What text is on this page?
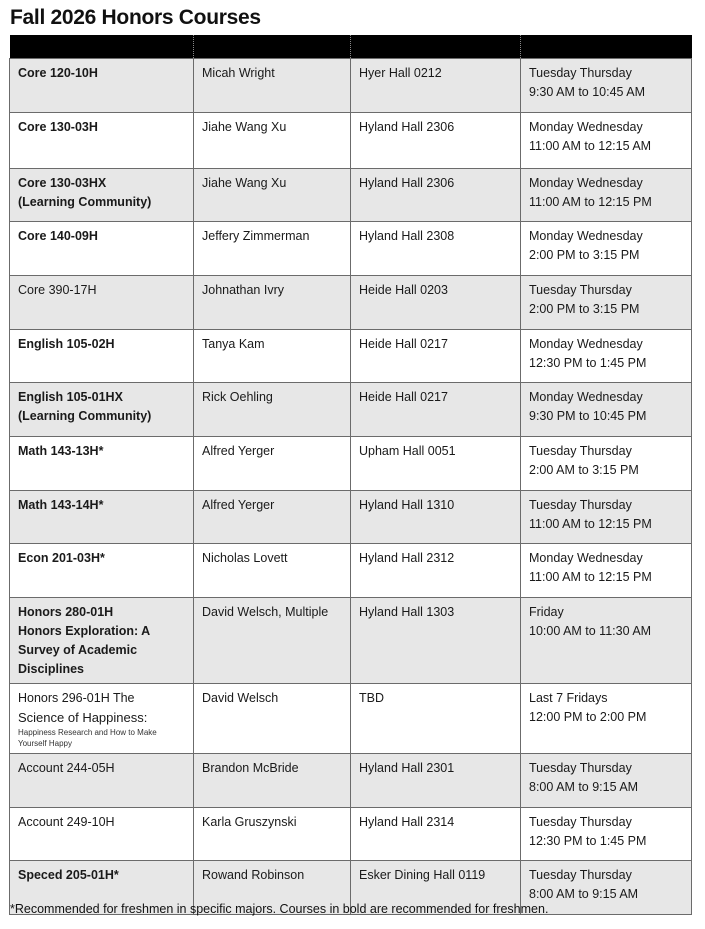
Fall 2026 Honors Courses

Core 120-10H	Micah Wright	Hyer Hall 0212	Tuesday Thursday
9:30 AM to 10:45 AM
Core 130-03H	Jiahe Wang Xu	Hyland Hall 2306	Monday Wednesday
11:00 AM to 12:15 AM
Core 130-03HX
(Learning Community)	Jiahe Wang Xu	Hyland Hall 2306	Monday Wednesday
11:00 AM to 12:15 PM
Core 140-09H	Jeffery Zimmerman	Hyland Hall 2308	Monday Wednesday
2:00 PM to 3:15 PM
Core 390-17H	Johnathan Ivry	Heide Hall 0203	Tuesday Thursday
2:00 PM to 3:15 PM
English 105-02H	Tanya Kam	Heide Hall 0217	Monday Wednesday
12:30 PM to 1:45 PM
English 105-01HX
(Learning Community)	Rick Oehling	Heide Hall 0217	Monday Wednesday
9:30 PM to 10:45 PM
Math 143-13H*	Alfred Yerger	Upham Hall 0051	Tuesday Thursday
2:00 AM to 3:15 PM
Math 143-14H*	Alfred Yerger	Hyland Hall 1310	Tuesday Thursday
11:00 AM to 12:15 PM
Econ 201-03H*	Nicholas Lovett	Hyland Hall 2312	Monday Wednesday
11:00 AM to 12:15 PM
Honors 280-01H
Honors Exploration: A Survey of Academic Disciplines	David Welsch, Multiple	Hyland Hall 1303	Friday
10:00 AM to 11:30 AM
Honors 296-01H The
Science of Happiness:
Happiness Research and How to Make Yourself Happy	David Welsch	TBD	Last 7 Fridays
12:00 PM to 2:00 PM
Account 244-05H	Brandon McBride	Hyland Hall 2301	Tuesday Thursday
8:00 AM to 9:15 AM
Account 249-10H	Karla Gruszynski	Hyland Hall 2314	Tuesday Thursday
12:30 PM to 1:45 PM
Speced 205-01H*	Rowand Robinson	Esker Dining Hall 0119	Tuesday Thursday
8:00 AM to 9:15 AM
*Recommended for freshmen in specific majors. Courses in bold are recommended for freshmen.
